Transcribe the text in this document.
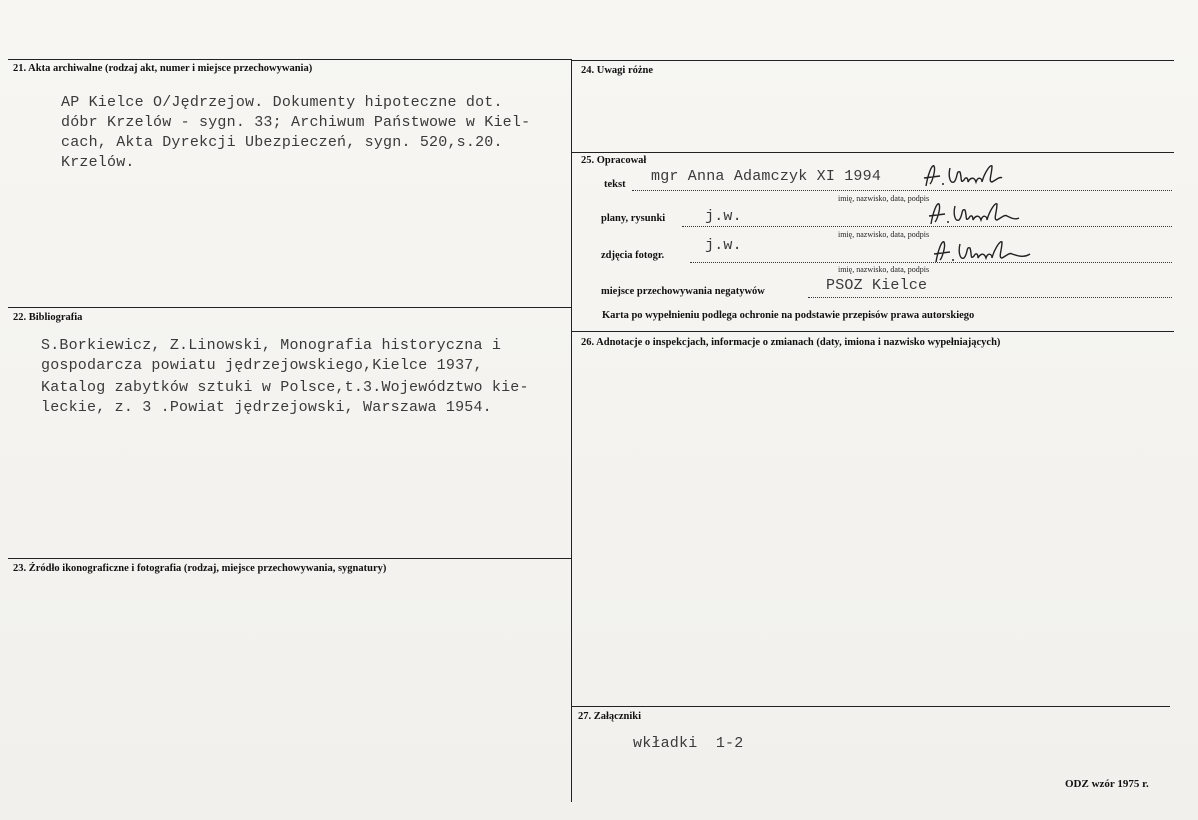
21. Akta archiwalne (rodzaj akt, numer i miejsce przechowywania)
AP Kielce O/Jędrzejow. Dokumenty hipoteczne dot.
dóbr Krzelów - sygn. 33; Archiwum Państwowe w Kiel-
cach, Akta Dyrekcji Ubezpieczeń, sygn. 520,s.20.
Krzelów.
22. Bibliografia
S.Borkiewicz, Z.Linowski, Monografia historyczna i
gospodarcza powiatu jędrzejowskiego,Kielce 1937,
Katalog zabytków sztuki w Polsce,t.3.Województwo kie-
leckie, z. 3 .Powiat jędrzejowski, Warszawa 1954.
23. Źródło ikonograficzne i fotografia (rodzaj, miejsce przechowywania, sygnatury)
24. Uwagi różne
25. Opracował
tekst mgr Anna Adamczyk XI 1994
imię, nazwisko, data, podpis
plany, rysunki	j.w.
imię, nazwisko, data, podpis
zdjęcia fotogr.
j.w.
imię, nazwisko, data, podpis
miejsce przechowywania negatywów	PSOZ Kielce
Karta po wypełnieniu podlega ochronie na podstawie przepisów prawa autorskiego
26. Adnotacje o inspekcjach, informacje o zmianach (daty, imiona i nazwisko wypełniających)
27. Załączniki
wkładki  1-2
ODZ wzór 1975 r.
